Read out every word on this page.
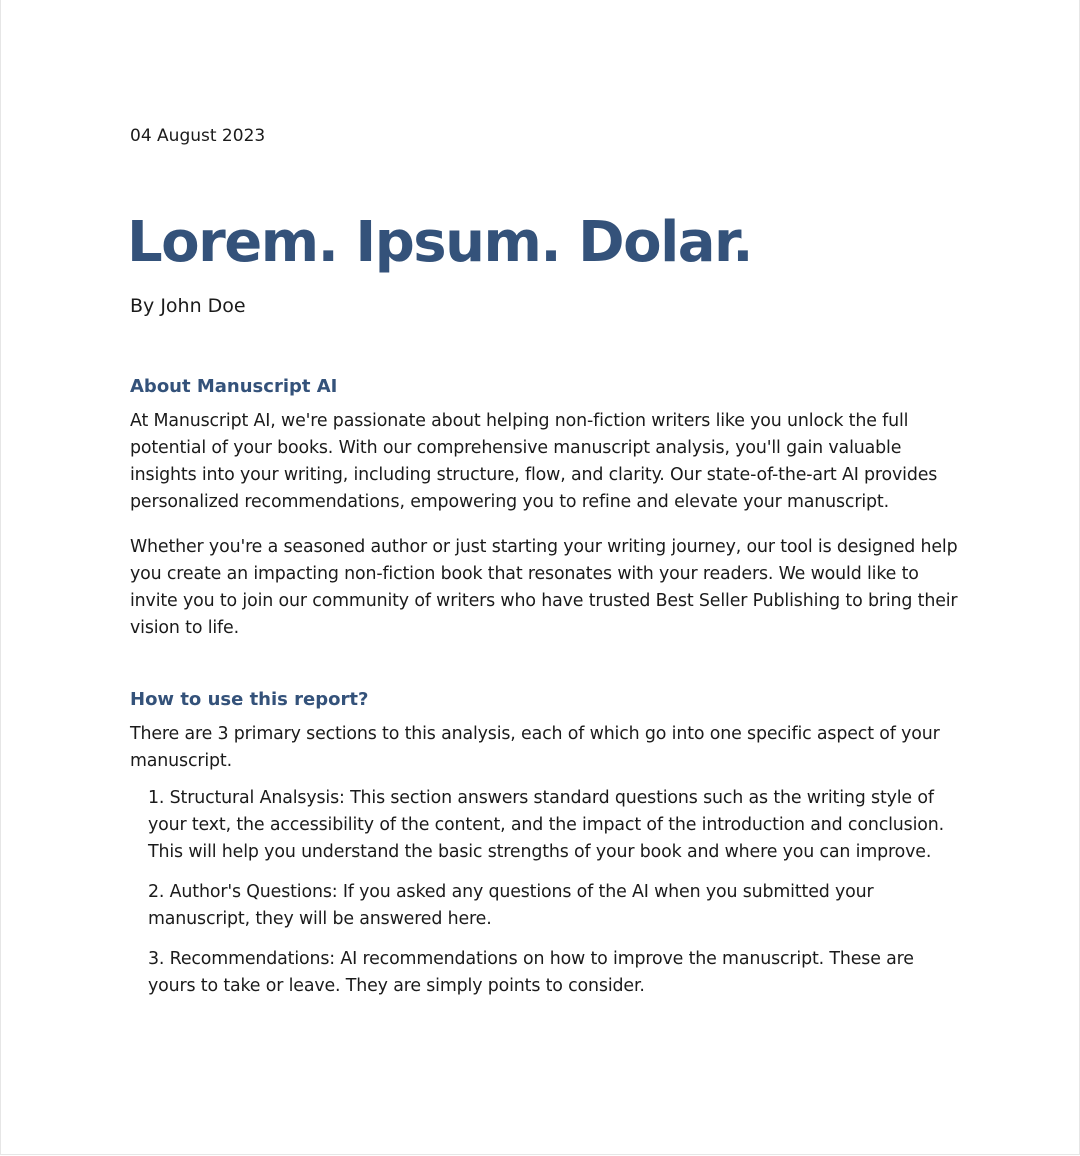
04 August 2023

Lorem. Ipsum. Dolar.

By John Doe

About Manuscript AI

At Manuscript AI, we're passionate about helping non-fiction writers like you unlock the full potential of your books. With our comprehensive manuscript analysis, you'll gain valuable insights into your writing, including structure, flow, and clarity. Our state-of-the-art AI provides personalized recommendations, empowering you to refine and elevate your manuscript.

Whether you're a seasoned author or just starting your writing journey, our tool is designed help you create an impacting non-fiction book that resonates with your readers. We would like to invite you to join our community of writers who have trusted Best Seller Publishing to bring their vision to life.

How to use this report?

There are 3 primary sections to this analysis, each of which go into one specific aspect of your manuscript.

1. Structural Analsysis: This section answers standard questions such as the writing style of your text, the accessibility of the content, and the impact of the introduction and conclusion. This will help you understand the basic strengths of your book and where you can improve.
2. Author's Questions: If you asked any questions of the AI when you submitted your manuscript, they will be answered here.
3. Recommendations: AI recommendations on how to improve the manuscript. These are yours to take or leave. They are simply points to consider.
